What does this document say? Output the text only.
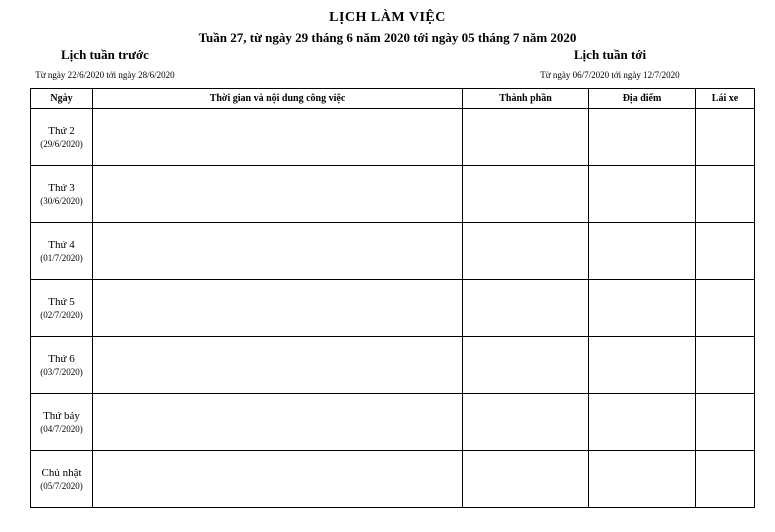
LỊCH LÀM VIỆC
Tuần 27, từ ngày 29 tháng 6 năm 2020 tới ngày 05 tháng 7 năm 2020
Lịch tuần trước
Từ ngày 22/6/2020 tới ngày 28/6/2020
Lịch tuần tới
Từ ngày 06/7/2020 tới ngày 12/7/2020
Ngày	Thời gian và nội dung công việc	Thành phần	Địa điểm	Lái xe

Thứ 2
(29/6/2020)				

Thứ 3
(30/6/2020)				

Thứ 4
(01/7/2020)				

Thứ 5
(02/7/2020)				

Thứ 6
(03/7/2020)				

Thứ bảy
(04/7/2020)				

Chủ nhật
(05/7/2020)				
